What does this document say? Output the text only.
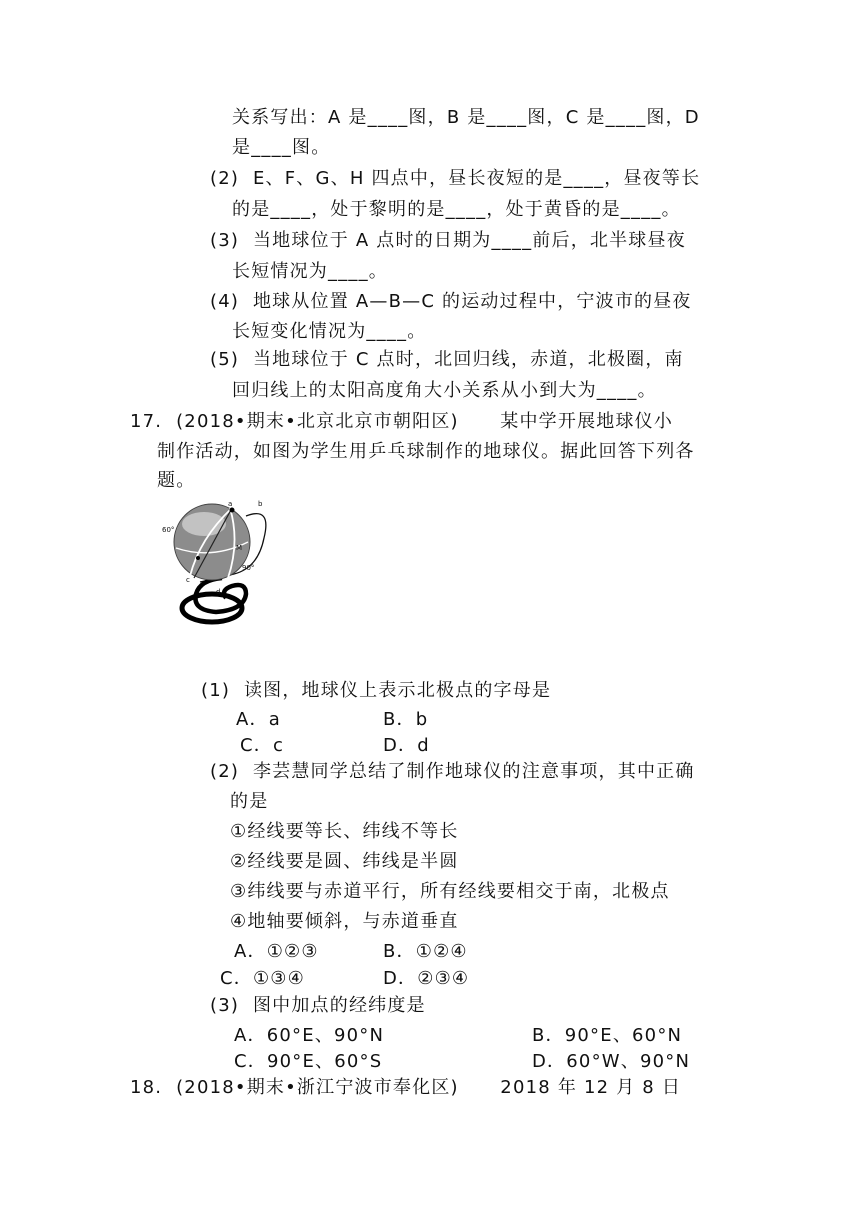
关系写出：A 是____图，B 是____图，C 是____图，D
是____图。
(2)  E、F、G、H 四点中，昼长夜短的是____，昼夜等长
的是____，处于黎明的是____，处于黄昏的是____。
(3)  当地球位于 A 点时的日期为____前后，北半球昼夜
长短情况为____。
(4)  地球从位置 A—B—C 的运动过程中，宁波市的昼夜
长短变化情况为____。
(5)  当地球位于 C 点时，北回归线，赤道，北极圈，南
回归线上的太阳高度角大小关系从小到大为____。
17.  (2018•期末•北京北京市朝阳区)      某中学开展地球仪小
制作活动，如图为学生用乒乓球制作的地球仪。据此回答下列各
题。
60°
90°
a	b
c
d
M
(1)  读图，地球仪上表示北极点的字母是
A．a	B．b
C．c	D．d
(2)  李芸慧同学总结了制作地球仪的注意事项，其中正确
的是
①经线要等长、纬线不等长
②经线要是圆、纬线是半圆
③纬线要与赤道平行，所有经线要相交于南，北极点
④地轴要倾斜，与赤道垂直
A．①②③	B．①②④
C．①③④	D．②③④
(3)  图中加点的经纬度是
A．60°E、90°N	B．90°E、60°N
C．90°E、60°S	D．60°W、90°N
18.  (2018•期末•浙江宁波市奉化区)      2018 年 12 月 8 日
